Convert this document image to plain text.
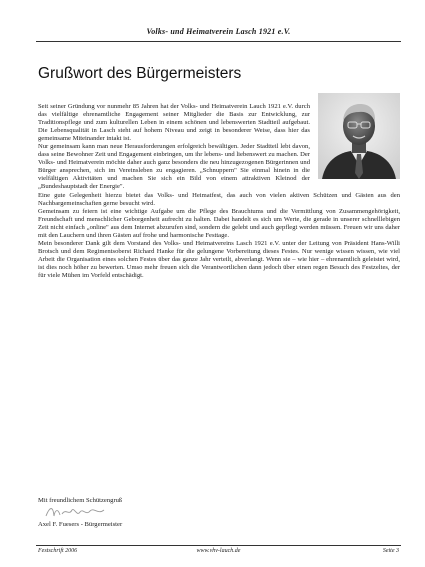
Volks- und Heimatverein Lasch 1921 e.V.
Grußwort des Bürgermeisters

Seit seiner Gründung vor nunmehr 85 Jahren hat der Volks- und Heimatverein Lauch 1921 e.V. durch das vielfältige ehrenamtliche Engagement seiner Mitglieder die Basis zur Entwicklung, zur Traditionspflege und zum kulturellen Leben in einem schönen und lebenswerten Stadtteil aufgebaut. Die Lebensqualität in Lasch steht auf hohem Niveau und zeigt in besonderer Weise, dass hier das gemeinsame Miteinander intakt ist.

Nur gemeinsam kann man neue Herausforderungen erfolgreich bewältigen. Jeder Stadtteil lebt davon, dass seine Bewohner Zeit und Engagement einbringen, um ihr lebens- und liebenswert zu machen. Der Volks- und Heimatverein möchte daher auch ganz besonders die neu hinzugezogenen Bürgerinnen und Bürger ansprechen, sich im Vereinsleben zu engagieren. „Schnuppern" Sie einmal hinein in die vielfältigen Aktivitäten und machen Sie sich ein Bild von einem attraktiven Kleinod der „Bundeshauptstadt der Energie".

Eine gute Gelegenheit hierzu bietet das Volks- und Heimatfest, das auch von vielen aktiven Schützen und Gästen aus den Nachbargemeinschaften gerne besucht wird.

Gemeinsam zu feiern ist eine wichtige Aufgabe um die Pflege des Brauchtums und die Vermittlung von Zusammengehörigkeit, Freundschaft und menschlicher Geborgenheit aufrecht zu halten. Dabei handelt es sich um Werte, die gerade in unserer schnelllebigen Zeit nicht einfach „online" aus dem Internet abzurufen sind, sondern die gelebt und auch gepflegt werden müssen. Freuen wir uns daher mit den Lauchern und ihren Gästen auf frohe und harmonische Festtage.

Mein besonderer Dank gilt dem Vorstand des Volks- und Heimatvereins Lasch 1921 e.V. unter der Leitung von Präsident Hans-Willi Brotsch und dem Regimentsoberst Richard Hanke für die gelungene Vorbereitung dieses Festes. Nur wenige wissen wissen, wie viel Arbeit die Organisation eines solchen Festes über das ganze Jahr verteilt, abverlangt. Wenn sie – wie hier – ehrenamtlich geleistet wird, ist dies noch höher zu bewerten. Umso mehr freuen sich die Verantwortlichen dann jedoch über einen regen Besuch des Festzeltes, der für viele Mühen im Vorfeld entschädigt.

Mit freundlichem Schützengruß
Axel F. Fuesers - Bürgermeister
Festschrift 2006	www.vhv-lauch.de	Seite 3
